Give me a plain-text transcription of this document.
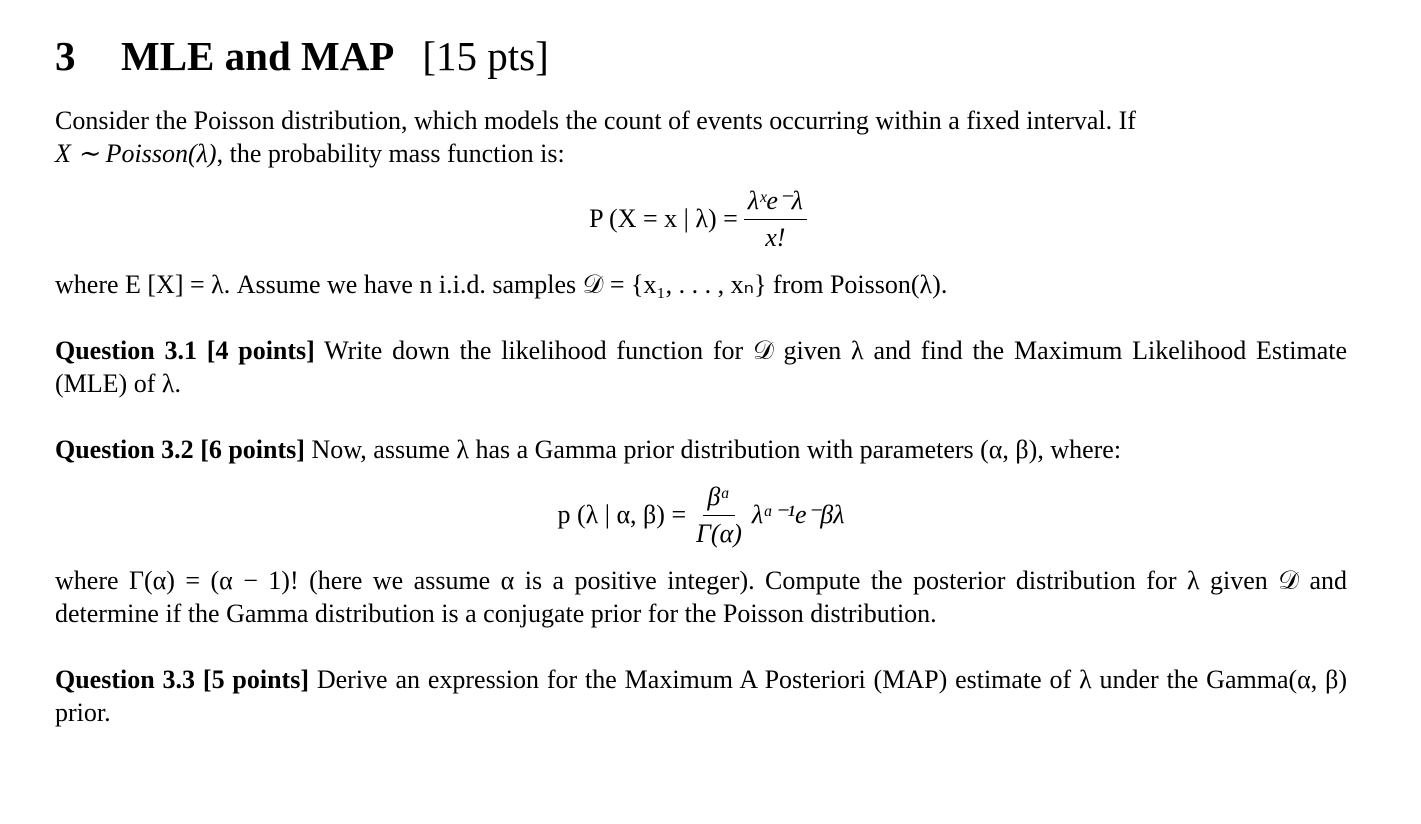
3 MLE and MAP [15 pts]

Consider the Poisson distribution, which models the count of events occurring within a fixed interval. If
X ∼ Poisson(λ), the probability mass function is:

P (X = x | $\lambda) = \frac{\text{λˣe⁻λ}}{x!}$

where E [X] = λ. Assume we have n i.i.d. samples 𝒟 = {x₁, . . . , xₙ} from Poisson(λ).

Question 3.1 [4 points] Write down the likelihood function for 𝒟 given λ and find the Maximum Likelihood Estimate (MLE) of λ.

Question 3.2 [6 points] Now, assume λ has a Gamma prior distribution with parameters (α, β), where:

p (λ | α, $\beta) = \frac{\text{βᵅ}}{\Gamma(\alpha)}$ λᵅ⁻¹e⁻βλ

where Γ(α) = (α − 1)! (here we assume α is a positive integer). Compute the posterior distribution for λ given 𝒟 and determine if the Gamma distribution is a conjugate prior for the Poisson distribution.

Question 3.3 [5 points] Derive an expression for the Maximum A Posteriori (MAP) estimate of λ under the Gamma(α, β) prior.
